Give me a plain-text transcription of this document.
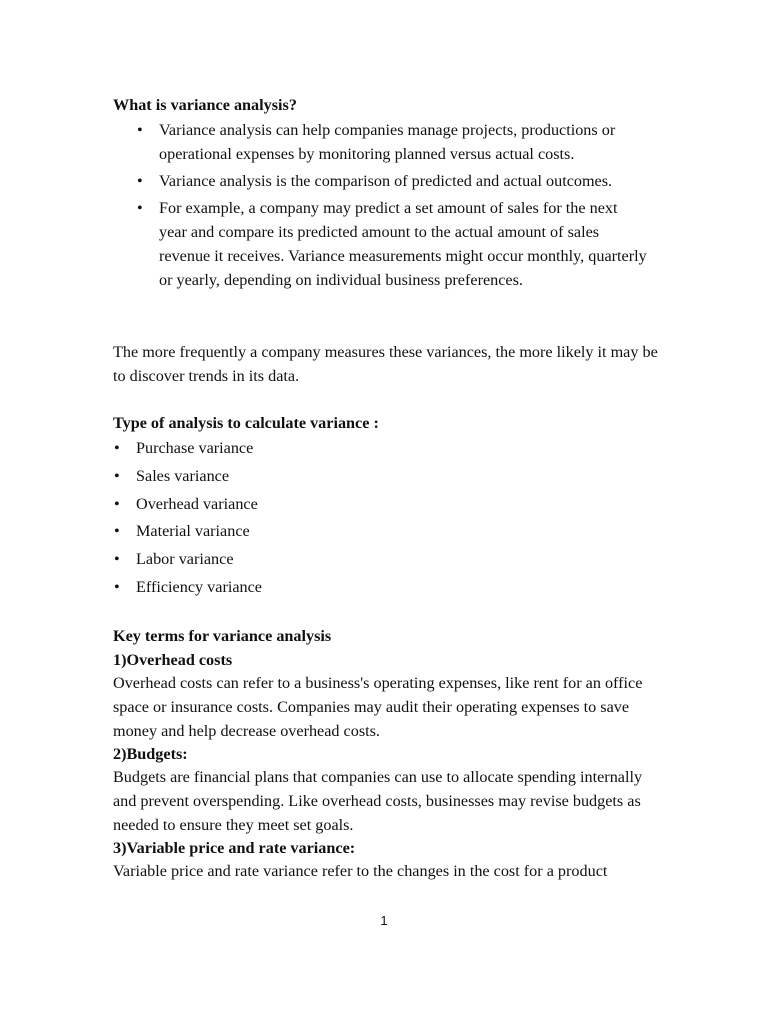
What is variance analysis?
• Variance analysis can help companies manage projects, productions or operational expenses by monitoring planned versus actual costs.
• Variance analysis is the comparison of predicted and actual outcomes.
• For example, a company may predict a set amount of sales for the next year and compare its predicted amount to the actual amount of sales revenue it receives. Variance measurements might occur monthly, quarterly or yearly, depending on individual business preferences.

The more frequently a company measures these variances, the more likely it may be to discover trends in its data.

Type of analysis to calculate variance :
• Purchase variance
• Sales variance
• Overhead variance
• Material variance
• Labor variance
• Efficiency variance
Key terms for variance analysis
1)Overhead costs

Overhead costs can refer to a business's operating expenses, like rent for an office space or insurance costs. Companies may audit their operating expenses to save money and help decrease overhead costs.

2)Budgets:

Budgets are financial plans that companies can use to allocate spending internally and prevent overspending. Like overhead costs, businesses may revise budgets as needed to ensure they meet set goals.

3)Variable price and rate variance:

Variable price and rate variance refer to the changes in the cost for a product

1
